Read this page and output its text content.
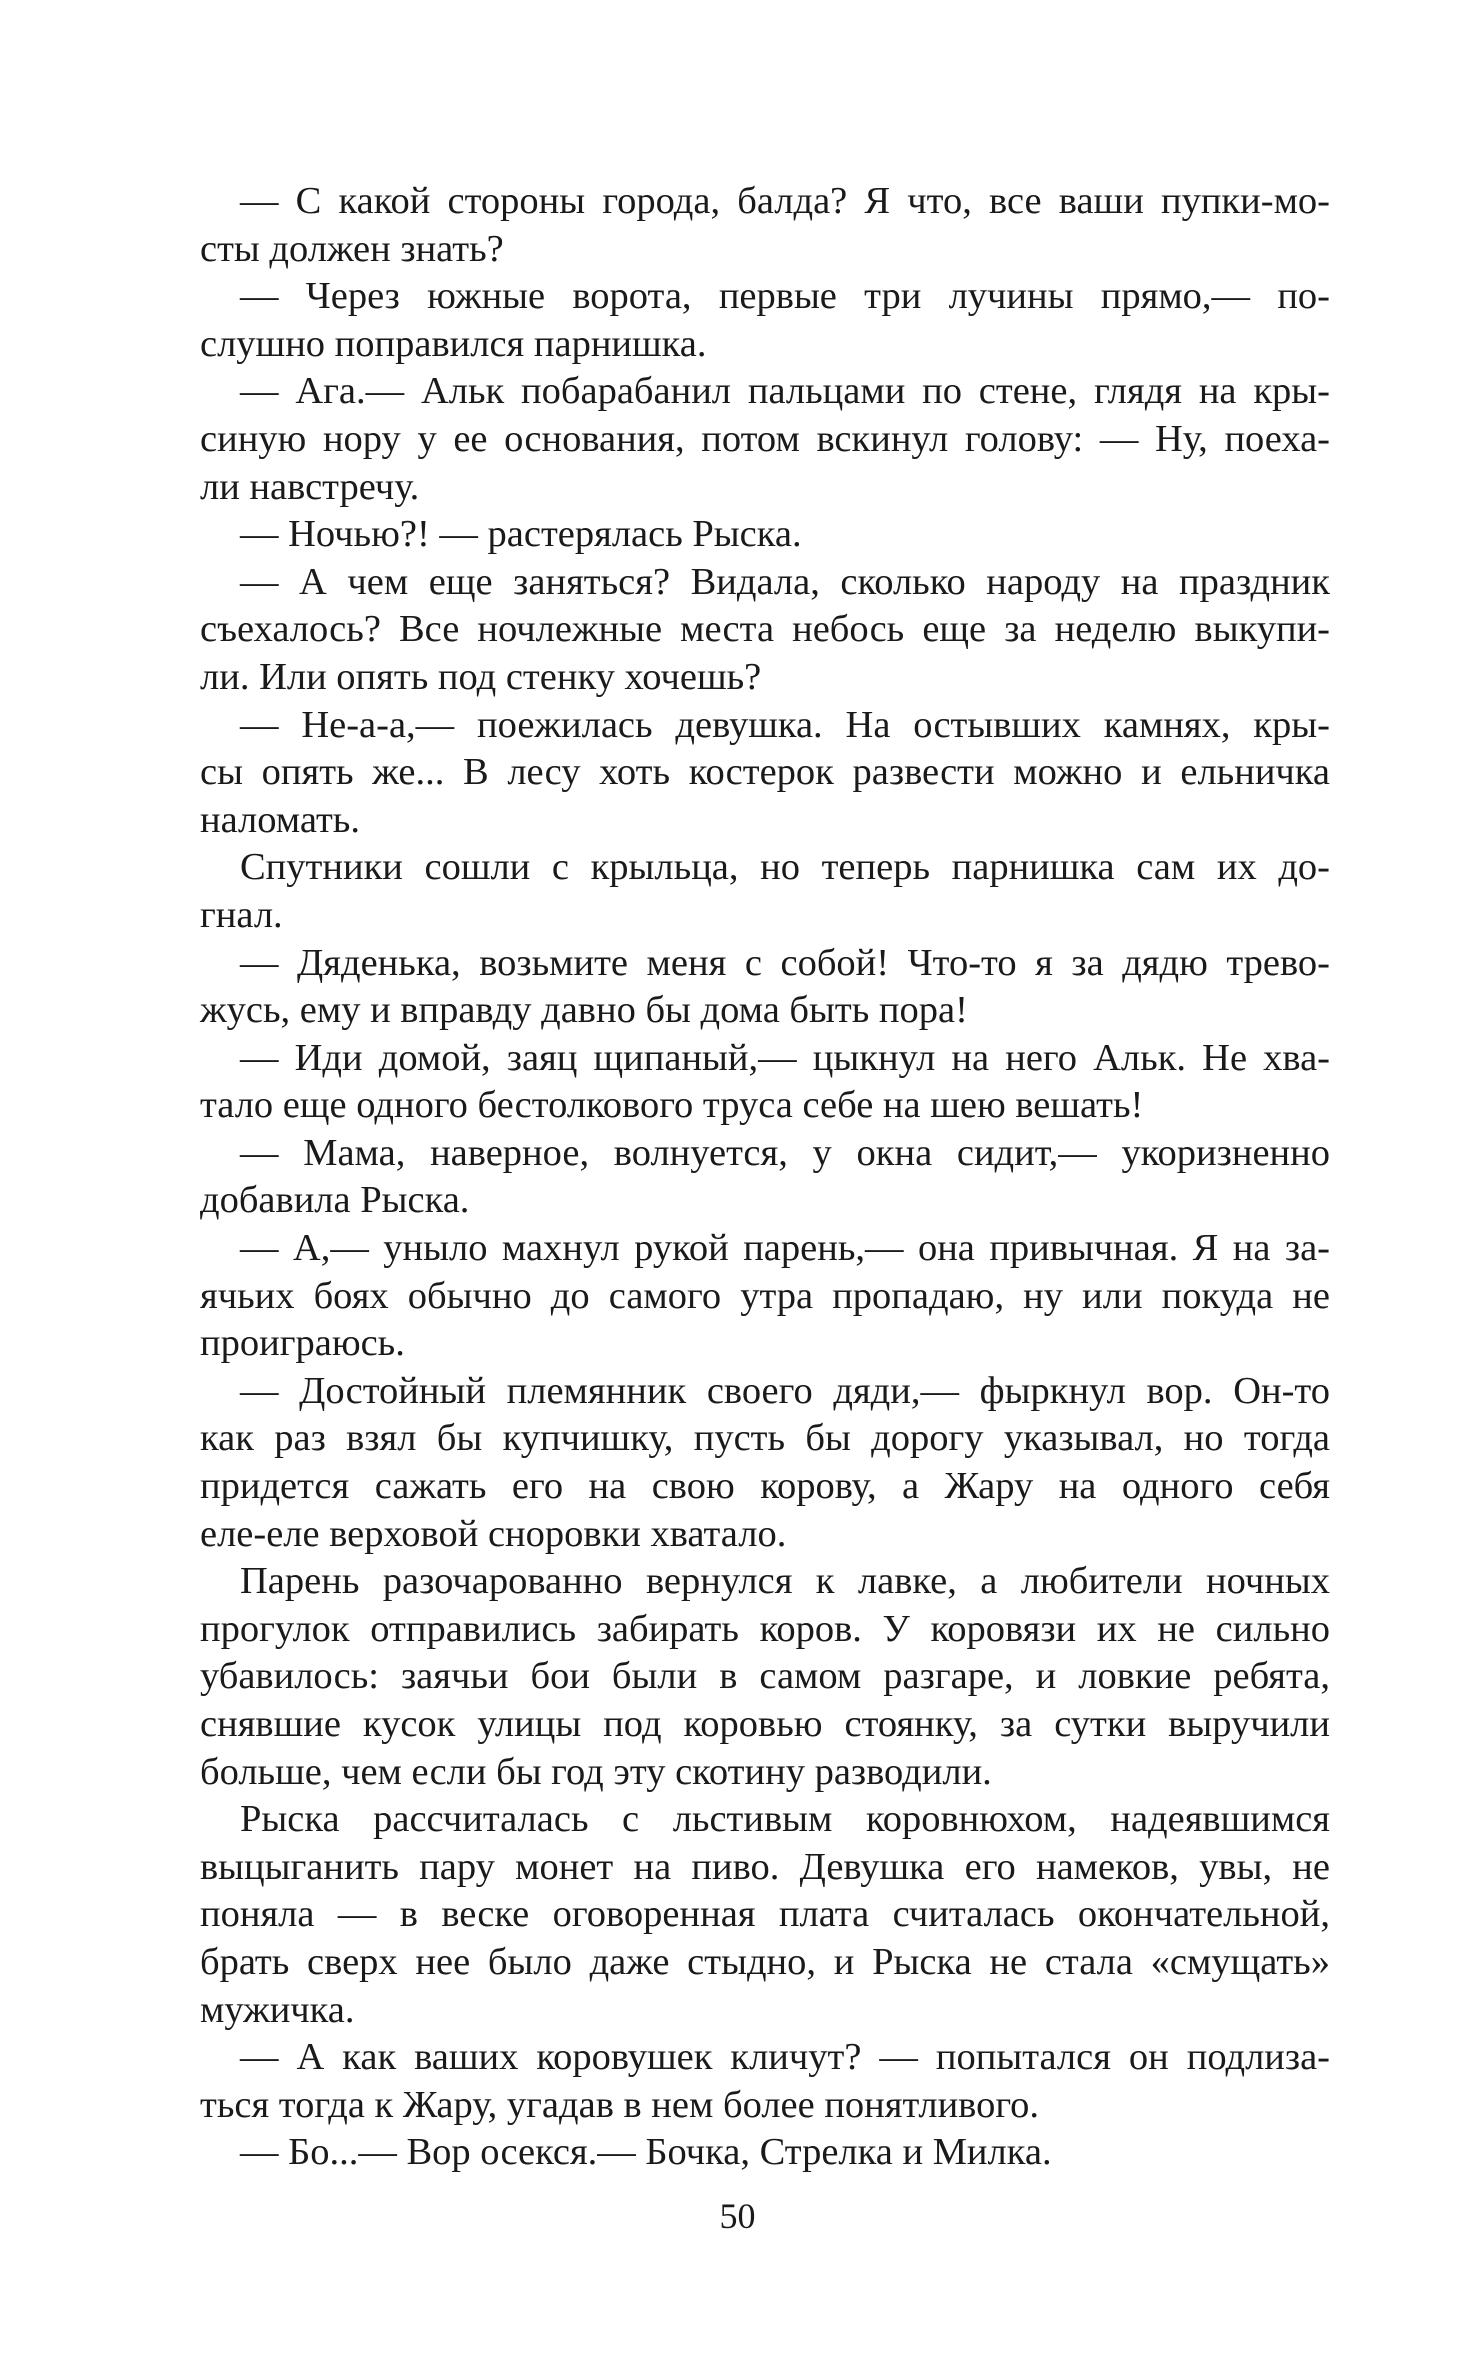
— С какой стороны города, балда? Я что, все ваши пупки-мо-
сты должен знать?
— Через южные ворота, первые три лучины прямо,— по-
слушно поправился парнишка.
— Ага.— Альк побарабанил пальцами по стене, глядя на кры-
синую нору у ее основания, потом вскинул голову: — Ну, поеха-
ли навстречу.
— Ночью?! — растерялась Рыска.
— А чем еще заняться? Видала, сколько народу на праздник
съехалось? Все ночлежные места небось еще за неделю выкупи-
ли. Или опять под стенку хочешь?
— Не-а-а,— поежилась девушка. На остывших камнях, кры-
сы опять же... В лесу хоть костерок развести можно и ельничка
наломать.
Спутники сошли с крыльца, но теперь парнишка сам их до-
гнал.
— Дяденька, возьмите меня с собой! Что-то я за дядю трево-
жусь, ему и вправду давно бы дома быть пора!
— Иди домой, заяц щипаный,— цыкнул на него Альк. Не хва-
тало еще одного бестолкового труса себе на шею вешать!
— Мама, наверное, волнуется, у окна сидит,— укоризненно
добавила Рыска.
— А,— уныло махнул рукой парень,— она привычная. Я на за-
ячьих боях обычно до самого утра пропадаю, ну или покуда не
проиграюсь.
— Достойный племянник своего дяди,— фыркнул вор. Он-то
как раз взял бы купчишку, пусть бы дорогу указывал, но тогда
придется сажать его на свою корову, а Жару на одного себя
еле-еле верховой сноровки хватало.
Парень разочарованно вернулся к лавке, а любители ночных
прогулок отправились забирать коров. У коровязи их не сильно
убавилось: заячьи бои были в самом разгаре, и ловкие ребята,
снявшие кусок улицы под коровью стоянку, за сутки выручили
больше, чем если бы год эту скотину разводили.
Рыска рассчиталась с льстивым коровнюхом, надеявшимся
выцыганить пару монет на пиво. Девушка его намеков, увы, не
поняла — в веске оговоренная плата считалась окончательной,
брать сверх нее было даже стыдно, и Рыска не стала «смущать»
мужичка.
— А как ваших коровушек кличут? — попытался он подлиза-
ться тогда к Жару, угадав в нем более понятливого.
— Бо...— Вор осекся.— Бочка, Стрелка и Милка.
50
